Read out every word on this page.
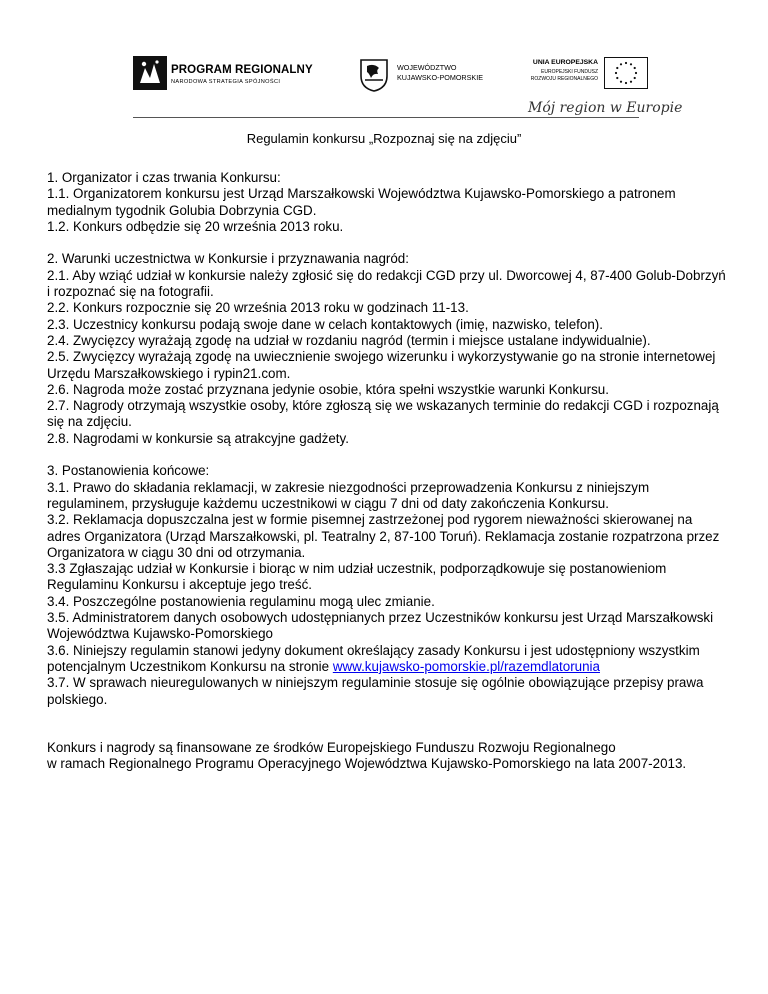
PROGRAM REGIONALNY
NARODOWA STRATEGIA SPÓJNOŚCI
WOJEWÓDZTWO
KUJAWSKO-POMORSKIE
UNIA EUROPEJSKA
EUROPEJSKI FUNDUSZ
ROZWOJU REGIONALNEGO
Mój region w Europie
Regulamin konkursu „Rozpoznaj się na zdjęciu”

1. Organizator i czas trwania Konkursu:

1.1. Organizatorem konkursu jest Urząd Marszałkowski Województwa Kujawsko-Pomorskiego a patronem medialnym tygodnik Golubia Dobrzynia CGD.

1.2. Konkurs odbędzie się 20 września 2013 roku.

2. Warunki uczestnictwa w Konkursie i przyznawania nagród:

2.1. Aby wziąć udział w konkursie należy zgłosić się do redakcji CGD przy ul. Dworcowej 4, 87-400 Golub-Dobrzyń i rozpoznać się na fotografii.

2.2. Konkurs rozpocznie się 20 września 2013 roku w godzinach 11-13.

2.3. Uczestnicy konkursu podają swoje dane w celach kontaktowych (imię, nazwisko, telefon).

2.4. Zwycięzcy wyrażają zgodę na udział w rozdaniu nagród (termin i miejsce ustalane indywidualnie).

2.5. Zwycięzcy wyrażają zgodę na uwiecznienie swojego wizerunku i wykorzystywanie go na stronie internetowej Urzędu Marszałkowskiego i rypin21.com.

2.6. Nagroda może zostać przyznana jedynie osobie, która spełni wszystkie warunki Konkursu.

2.7. Nagrody otrzymają wszystkie osoby, które zgłoszą się we wskazanych terminie do redakcji CGD i rozpoznają się na zdjęciu.

2.8. Nagrodami w konkursie są atrakcyjne gadżety.

3. Postanowienia końcowe:

3.1. Prawo do składania reklamacji, w zakresie niezgodności przeprowadzenia Konkursu z niniejszym regulaminem, przysługuje każdemu uczestnikowi w ciągu 7 dni od daty zakończenia Konkursu.

3.2. Reklamacja dopuszczalna jest w formie pisemnej zastrzeżonej pod rygorem nieważności skierowanej na adres Organizatora (Urząd Marszałkowski, pl. Teatralny 2, 87-100 Toruń). Reklamacja zostanie rozpatrzona przez Organizatora w ciągu 30 dni od otrzymania.

3.3 Zgłaszając udział w Konkursie i biorąc w nim udział uczestnik, podporządkowuje się postanowieniom Regulaminu Konkursu i akceptuje jego treść.

3.4. Poszczególne postanowienia regulaminu mogą ulec zmianie.

3.5. Administratorem danych osobowych udostępnianych przez Uczestników konkursu jest Urząd Marszałkowski Województwa Kujawsko-Pomorskiego

3.6. Niniejszy regulamin stanowi jedyny dokument określający zasady Konkursu i jest udostępniony wszystkim potencjalnym Uczestnikom Konkursu na stronie www.kujawsko-pomorskie.pl/razemdlatorunia

3.7. W sprawach nieuregulowanych w niniejszym regulaminie stosuje się ogólnie obowiązujące przepisy prawa polskiego.

Konkurs i nagrody są finansowane ze środków Europejskiego Funduszu Rozwoju Regionalnego

w ramach Regionalnego Programu Operacyjnego Województwa Kujawsko-Pomorskiego na lata 2007-2013.
